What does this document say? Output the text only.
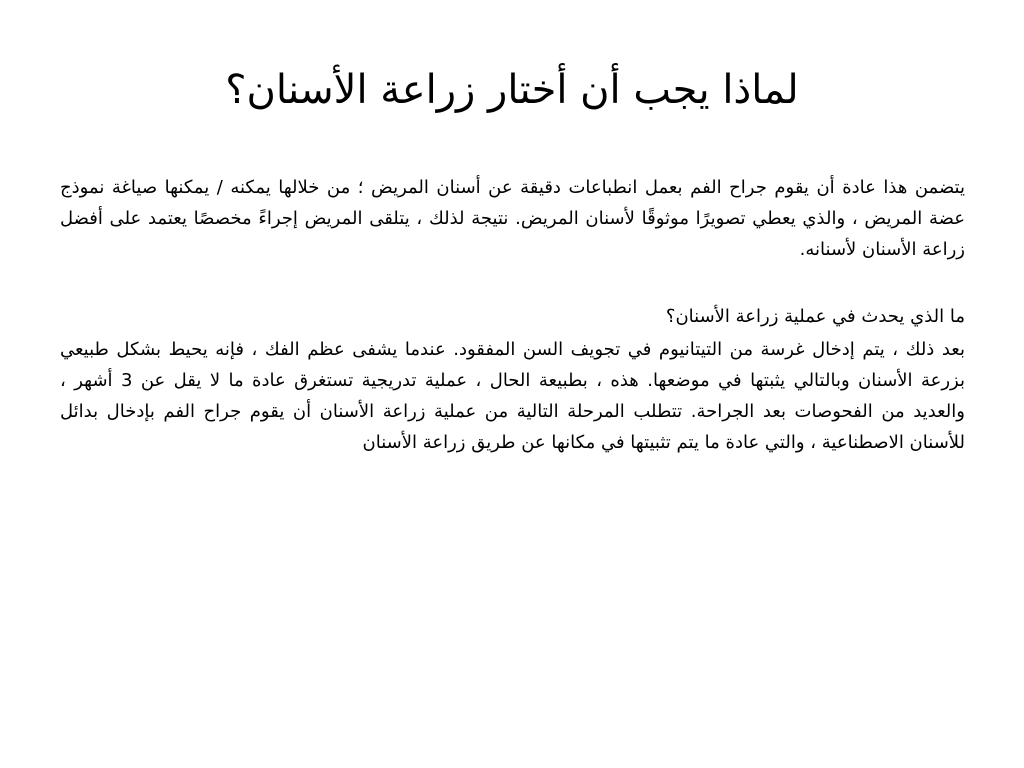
لماذا يجب أن أختار زراعة الأسنان؟

يتضمن هذا عادة أن يقوم جراح الفم بعمل انطباعات دقيقة عن أسنان المريض ؛ من خلالها يمكنه / يمكنها صياغة نموذج عضة المريض ، والذي يعطي تصويرًا موثوقًا لأسنان المريض. نتيجة لذلك ، يتلقى المريض إجراءً مخصصًا يعتمد على أفضل زراعة الأسنان لأسنانه.

ما الذي يحدث في عملية زراعة الأسنان؟

بعد ذلك ، يتم إدخال غرسة من التيتانيوم في تجويف السن المفقود. عندما يشفى عظم الفك ، فإنه يحيط بشكل طبيعي بزرعة الأسنان وبالتالي يثبتها في موضعها. هذه ، بطبيعة الحال ، عملية تدريجية تستغرق عادة ما لا يقل عن 3 أشهر ، والعديد من الفحوصات بعد الجراحة. تتطلب المرحلة التالية من عملية زراعة الأسنان أن يقوم جراح الفم بإدخال بدائل للأسنان الاصطناعية ، والتي عادة ما يتم تثبيتها في مكانها عن طريق زراعة الأسنان
